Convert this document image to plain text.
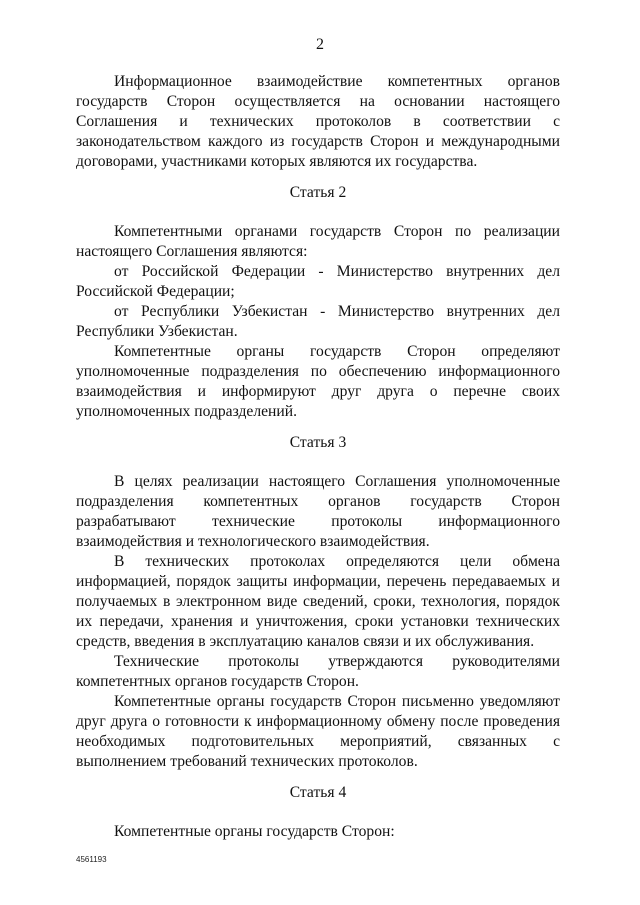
2

Информационное взаимодействие компетентных органов государств Сторон осуществляется на основании настоящего Соглашения и технических протоколов в соответствии с законодательством каждого из государств Сторон и международными договорами, участниками которых являются их государства.

Статья 2

Компетентными органами государств Сторон по реализации настоящего Соглашения являются:

от Российской Федерации - Министерство внутренних дел Российской Федерации;

от Республики Узбекистан - Министерство внутренних дел Республики Узбекистан.

Компетентные органы государств Сторон определяют уполномоченные подразделения по обеспечению информационного взаимодействия и информируют друг друга о перечне своих уполномоченных подразделений.

Статья 3

В целях реализации настоящего Соглашения уполномоченные подразделения компетентных органов государств Сторон разрабатывают технические протоколы информационного взаимодействия и технологического взаимодействия.

В технических протоколах определяются цели обмена информацией, порядок защиты информации, перечень передаваемых и получаемых в электронном виде сведений, сроки, технология, порядок их передачи, хранения и уничтожения, сроки установки технических средств, введения в эксплуатацию каналов связи и их обслуживания.

Технические протоколы утверждаются руководителями компетентных органов государств Сторон.

Компетентные органы государств Сторон письменно уведомляют друг друга о готовности к информационному обмену после проведения необходимых подготовительных мероприятий, связанных с выполнением требований технических протоколов.

Статья 4

Компетентные органы государств Сторон:

4561193
